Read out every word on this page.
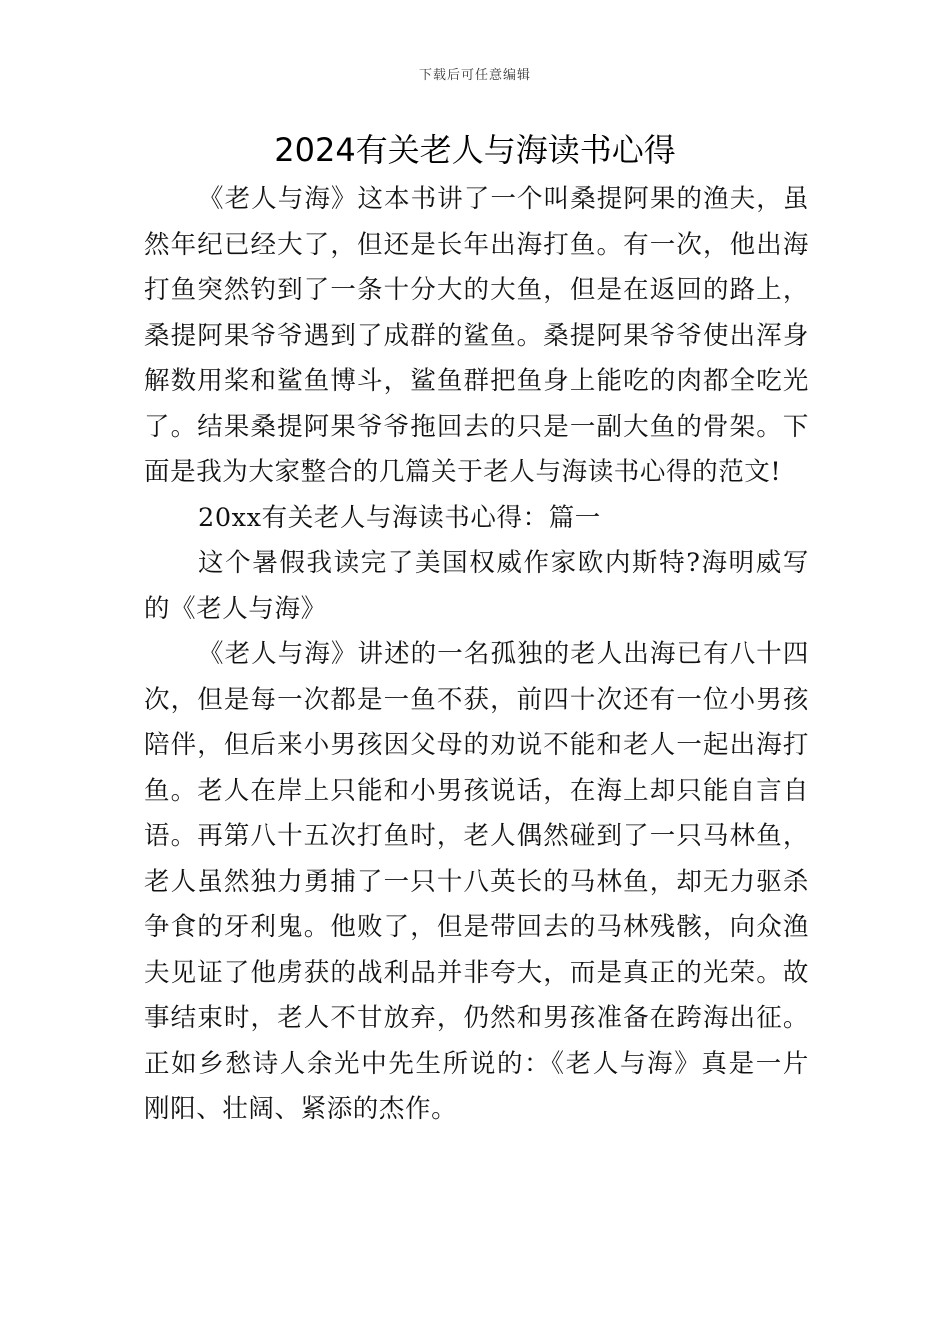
下载后可任意编辑
2024有关老人与海读书心得

《老人与海》这本书讲了一个叫桑提阿果的渔夫，虽然年纪已经大了，但还是长年出海打鱼。有一次，他出海打鱼突然钓到了一条十分大的大鱼，但是在返回的路上，桑提阿果爷爷遇到了成群的鲨鱼。桑提阿果爷爷使出浑身解数用桨和鲨鱼博斗，鲨鱼群把鱼身上能吃的肉都全吃光了。结果桑提阿果爷爷拖回去的只是一副大鱼的骨架。下面是我为大家整合的几篇关于老人与海读书心得的范文!

20xx有关老人与海读书心得：篇一

这个暑假我读完了美国权威作家欧内斯特?海明威写的《老人与海》

《老人与海》讲述的一名孤独的老人出海已有八十四次，但是每一次都是一鱼不获，前四十次还有一位小男孩陪伴，但后来小男孩因父母的劝说不能和老人一起出海打鱼。老人在岸上只能和小男孩说话，在海上却只能自言自语。再第八十五次打鱼时，老人偶然碰到了一只马林鱼，老人虽然独力勇捕了一只十八英长的马林鱼，却无力驱杀争食的牙利鬼。他败了，但是带回去的马林残骸，向众渔夫见证了他虏获的战利品并非夸大，而是真正的光荣。故事结束时，老人不甘放弃，仍然和男孩准备在跨海出征。正如乡愁诗人余光中先生所说的：《老人与海》真是一片刚阳、壮阔、紧添的杰作。
